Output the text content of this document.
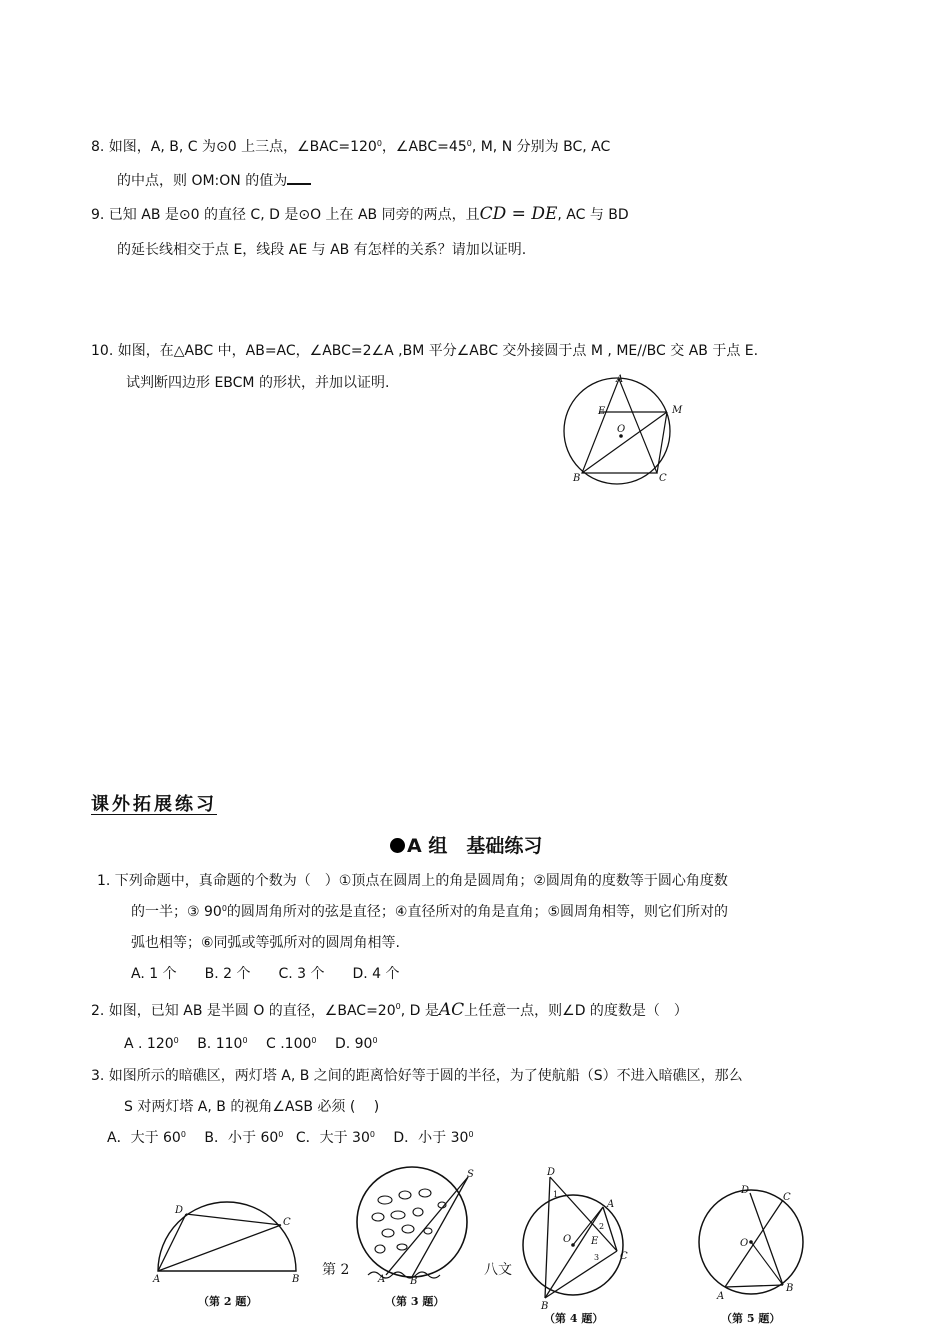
8. 如图，A, B, C 为⊙0 上三点，$\angle BAC=120^0$，$\angle ABC=45^0$, M, N 分别为 BC, AC
的中点，则 OM:ON 的值为
9. 已知 AB 是⊙0 的直径 C, D 是⊙O 上在 AB 同旁的两点，且CD = DE, AC 与 BD
的延长线相交于点 E，线段 AE 与 AB 有怎样的关系？请加以证明.
10. 如图，在△ABC 中，AB=AC，∠ABC=2∠A ,BM 平分∠ABC 交外接圆于点 M , ME//BC 交 AB 于点 E.
试判断四边形 EBCM 的形状，并加以证明.	A
E	M
O
B	C
课外拓展练习
A 组　基础练习
1. 下列命题中，真命题的个数为（　）①顶点在圆周上的角是圆周角；②圆周角的度数等于圆心角度数
的一半；③ $90^0$的圆周角所对的弦是直径；④直径所对的角是直角；⑤圆周角相等，则它们所对的
弧也相等；⑥同弧或等弧所对的圆周角相等.
A. 1 个　　B. 2 个　　C. 3 个　　D. 4 个
2. 如图，已知 AB 是半圆 O 的直径，$\angle BAC=20^0$, D 是AC上任意一点，则∠D 的度数是（　）
A . $120^0$ B. $110^0$ C .100$^0$ D. $90^0$
3. 如图所示的暗礁区，两灯塔 A, B 之间的距离恰好等于圆的半径，为了使航船（S）不进入暗礁区，那么
S 对两灯塔 A, B 的视角∠ASB 必须 (　 )
A．大于 $60^0$ B．小于 $60^0$ C．大于 $30^0$ D．小于 $30^0$
D
C
A	B
（第 2 题）
S
A B
（第 3 题）
第 2	八文
D
1
A
2
O E
3 C
B
（第 4 题）
D
C
O
A
B
（第 5 题）
